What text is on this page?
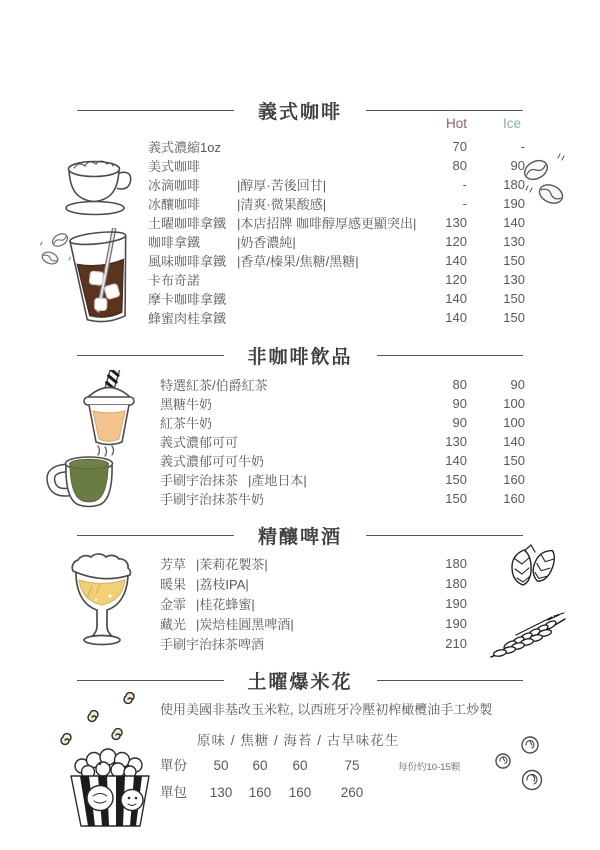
義式咖啡
Hot	Ice
義式濃縮1oz	70	-
美式咖啡	80	90
冰滴咖啡	|醇厚·苦後回甘|	-	180
冰釀咖啡	|清爽·微果酸感|	-	190
土曜咖啡拿鐵 |本店招牌 咖啡醇厚感更顯突出|	130	140
咖啡拿鐵	|奶香濃純|	120	130
風味咖啡拿鐵 |香草/榛果/焦糖/黑糖|	140	150
卡布奇諾	120	130
摩卡咖啡拿鐵	140	150
蜂蜜肉桂拿鐵	140	150
非咖啡飲品
特選紅茶/伯爵紅茶	80	90
黑糖牛奶	90	100
紅茶牛奶	90	100
義式濃郁可可	130	140
義式濃郁可可牛奶	140	150
手刷宇治抹茶 |產地日本|	150	160
手刷宇治抹茶牛奶	150	160
精釀啤酒
芳草 |茉莉花製茶|	180
暖果 |荔枝IPA|	180
金霏 |桂花蜂蜜|	190
藏光 |炭焙桂圓黑啤酒|	190
手刷宇治抹茶啤酒	210
土曜爆米花
使用美國非基改玉米粒, 以西班牙冷壓初榨橄欖油手工炒製
原味 / 焦糖 / 海苔 / 古早味花生
單份	50	60	60	75	每份約10-15顆
單包	130	160	160	260
